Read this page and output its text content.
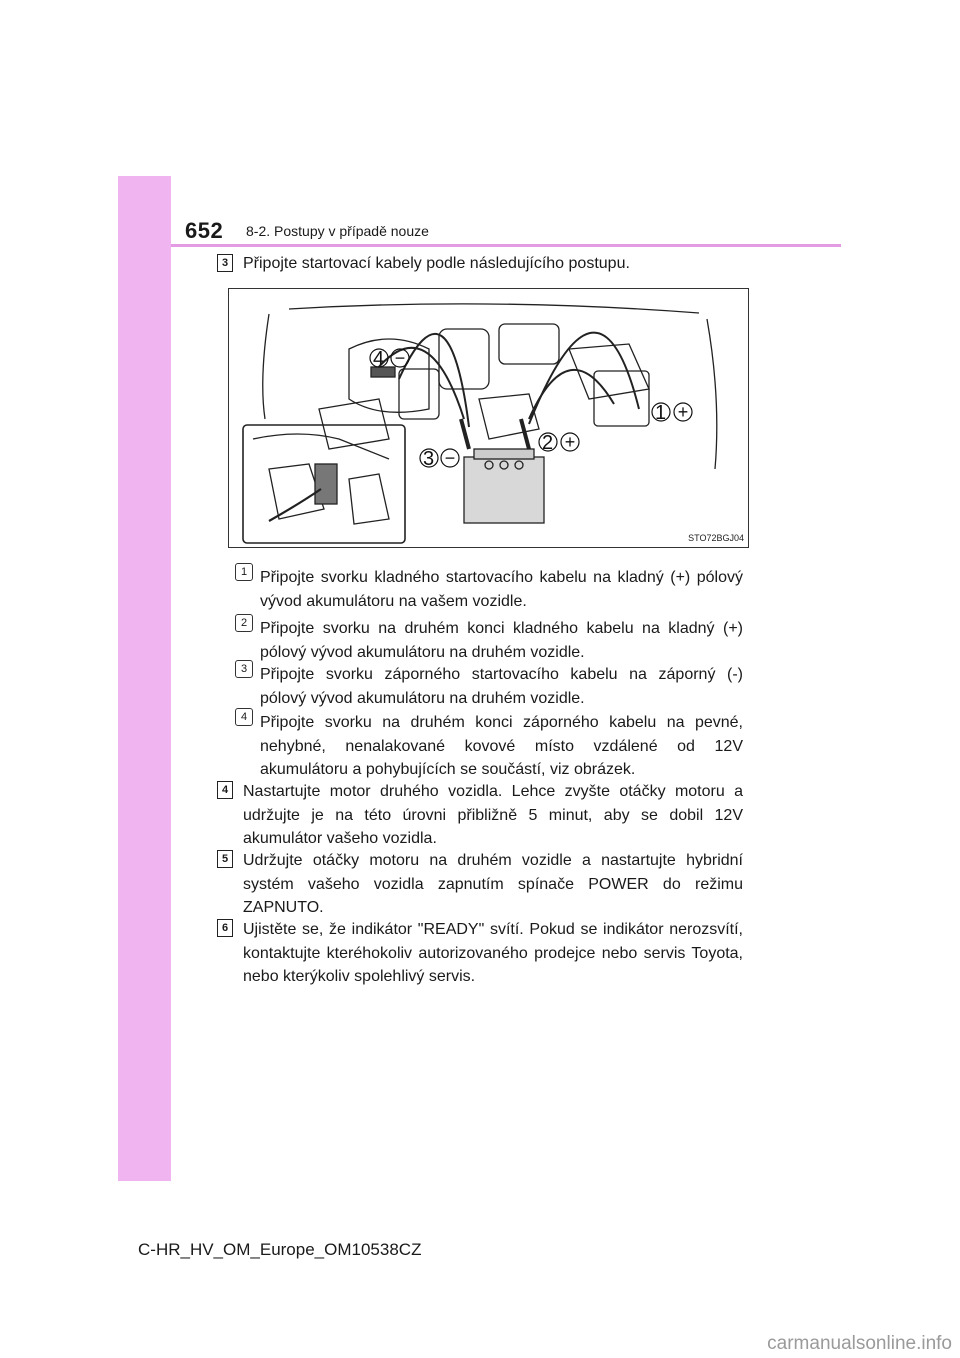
652 8-2. Postupy v případě nouze
3 Připojte startovací kabely podle následujícího postupu.
4
1
2
3
−
+
+
−
STO72BGJ04
1 Připojte svorku kladného startovacího kabelu na kladný (+) pólový vývod akumulátoru na vašem vozidle.
2 Připojte svorku na druhém konci kladného kabelu na kladný (+) pólový vývod akumulátoru na druhém vozidle.
3 Připojte svorku záporného startovacího kabelu na záporný (-) pólový vývod akumulátoru na druhém vozidle.
4 Připojte svorku na druhém konci záporného kabelu na pevné, nehybné, nenalakované kovové místo vzdálené od 12V akumulátoru a pohybujících se součástí, viz obrázek.
4 Nastartujte motor druhého vozidla. Lehce zvyšte otáčky motoru a udržujte je na této úrovni přibližně 5 minut, aby se dobil 12V akumulátor vašeho vozidla.
5 Udržujte otáčky motoru na druhém vozidle a nastartujte hybridní systém vašeho vozidla zapnutím spínače POWER do režimu ZAPNUTO.
6 Ujistěte se, že indikátor "READY" svítí. Pokud se indikátor nerozsvítí, kontaktujte kteréhokoliv autorizovaného prodejce nebo servis Toyota, nebo kterýkoliv spolehlivý servis.
C-HR_HV_OM_Europe_OM10538CZ
carmanualsonline.info
